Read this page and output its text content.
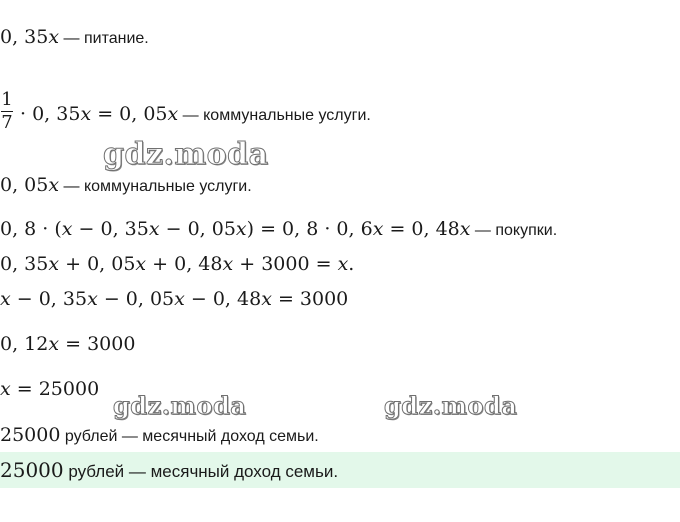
0, 35x — питание.
1
7 · 0, 35x = 0, 05x — коммунальные услуги.
0, 05x — коммунальные услуги.
0, 8 · (x − 0, 35x − 0, 05x) = 0, 8 · 0, 6x = 0, 48x — покупки.
0, 35x + 0, 05x + 0, 48x + 3000 = x.
x − 0, 35x − 0, 05x − 0, 48x = 3000
0, 12x = 3000
x = 25000
25000 рублей — месячный доход семьи.
25000 рублей — месячный доход семьи.
gdz.moda
gdz.moda	gdz.moda
